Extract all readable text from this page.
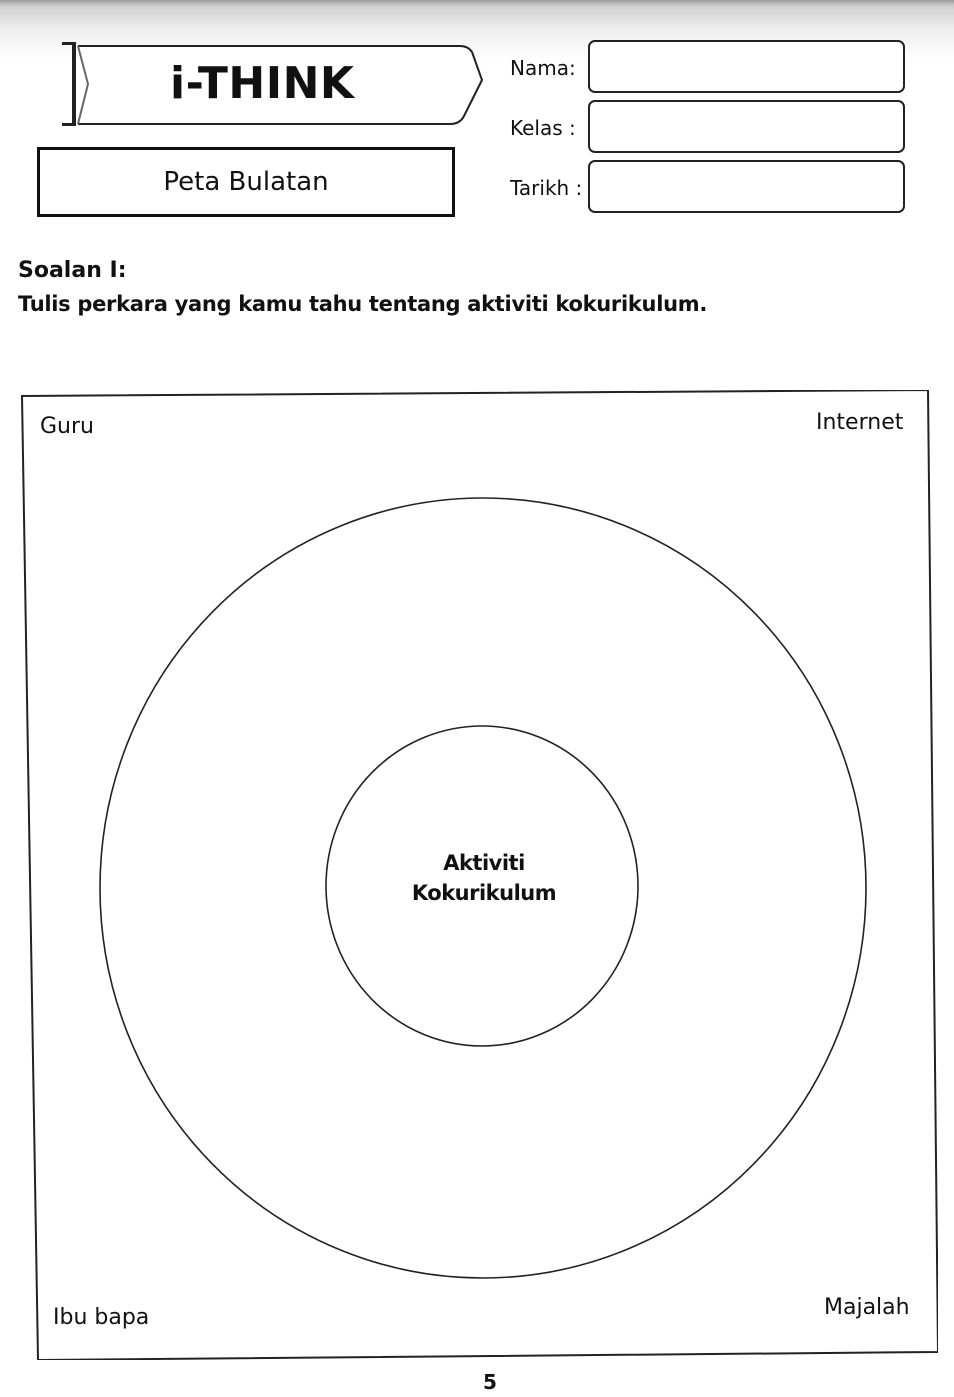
i-THINK
Peta Bulatan
Nama:
Kelas :
Tarikh :
Soalan I:
Tulis perkara yang kamu tahu tentang aktiviti kokurikulum.
Guru	Internet
Ibu bapa	Majalah
Aktiviti
Kokurikulum
5
